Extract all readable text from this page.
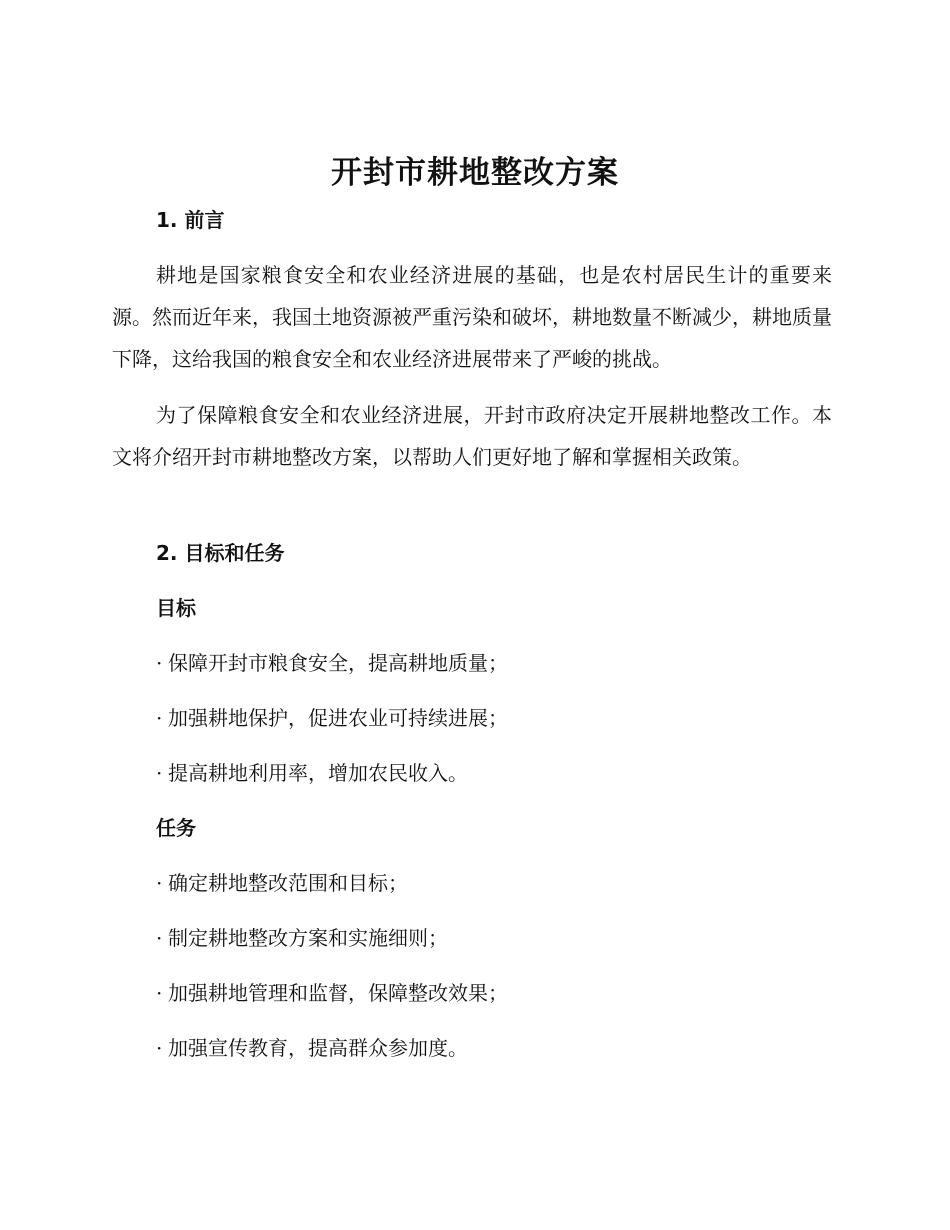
开封市耕地整改方案
1. 前言
耕地是国家粮食安全和农业经济进展的基础，也是农村居民生计的重要来源。然而近年来，我国土地资源被严重污染和破坏，耕地数量不断减少，耕地质量下降，这给我国的粮食安全和农业经济进展带来了严峻的挑战。
为了保障粮食安全和农业经济进展，开封市政府决定开展耕地整改工作。本文将介绍开封市耕地整改方案，以帮助人们更好地了解和掌握相关政策。
2. 目标和任务
目标
· 保障开封市粮食安全，提高耕地质量；
· 加强耕地保护，促进农业可持续进展；
· 提高耕地利用率，增加农民收入。
任务
· 确定耕地整改范围和目标；
· 制定耕地整改方案和实施细则；
· 加强耕地管理和监督，保障整改效果；
· 加强宣传教育，提高群众参加度。
